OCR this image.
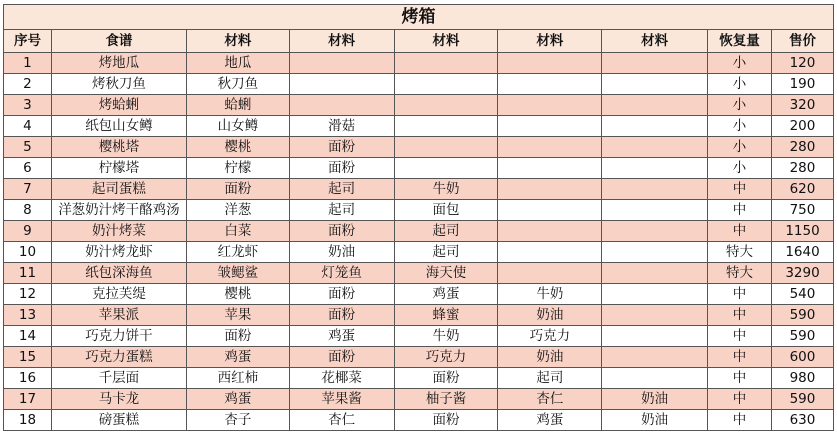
烤箱
序号	食谱	材料	材料	材料	材料	材料	恢复量	售价
1	烤地瓜	地瓜					小	120
2	烤秋刀鱼	秋刀鱼					小	190
3	烤蛤蜊	蛤蜊					小	320
4	纸包山女鳟	山女鳟	滑菇				小	200
5	樱桃塔	樱桃	面粉				小	280
6	柠檬塔	柠檬	面粉				小	280
7	起司蛋糕	面粉	起司	牛奶			中	620
8	洋葱奶汁烤干酪鸡汤	洋葱	起司	面包			中	750
9	奶汁烤菜	白菜	面粉	起司			中	1150
10	奶汁烤龙虾	红龙虾	奶油	起司			特大	1640
11	纸包深海鱼	皱鳃鲨	灯笼鱼	海天使			特大	3290
12	克拉芙缇	樱桃	面粉	鸡蛋	牛奶		中	540
13	苹果派	苹果	面粉	蜂蜜	奶油		中	590
14	巧克力饼干	面粉	鸡蛋	牛奶	巧克力		中	590
15	巧克力蛋糕	鸡蛋	面粉	巧克力	奶油		中	600
16	千层面	西红柿	花椰菜	面粉	起司		中	980
17	马卡龙	鸡蛋	苹果酱	柚子酱	杏仁	奶油	中	590
18	磅蛋糕	杏子	杏仁	面粉	鸡蛋	奶油	中	630
